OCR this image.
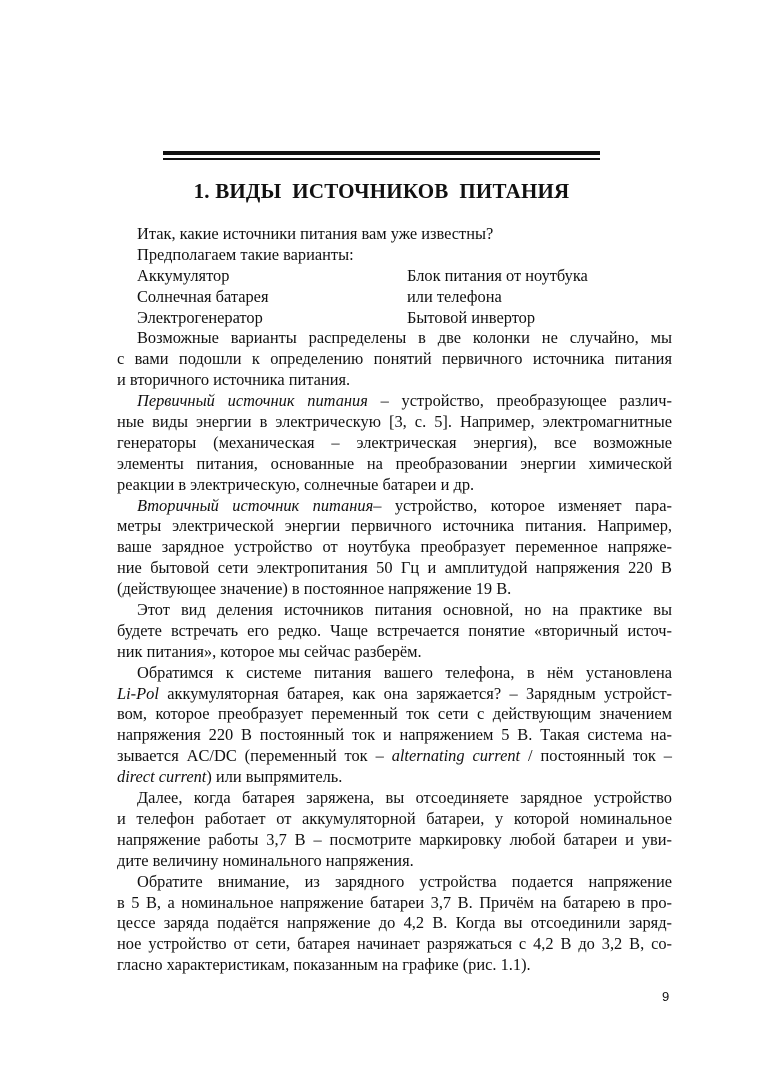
1. ВИДЫ  ИСТОЧНИКОВ  ПИТАНИЯ
Итак, какие источники питания вам уже известны?
Предполагаем такие варианты:
Аккумулятор	Блок питания от ноутбука
Солнечная батарея	или телефона
Электрогенератор	Бытовой инвертор
Возможные варианты распределены в две колонки не случайно, мы
с вами подошли к определению понятий первичного источника питания
и вторичного источника питания.
Первичный источник питания – устройство, преобразующее различ-
ные виды энергии в электрическую [3, с. 5]. Например, электромагнитные
генераторы (механическая – электрическая энергия), все возможные
элементы питания, основанные на преобразовании энергии химической
реакции в электрическую, солнечные батареи и др.
Вторичный источник питания– устройство, которое изменяет пара-
метры электрической энергии первичного источника питания. Например,
ваше зарядное устройство от ноутбука преобразует переменное напряже-
ние бытовой сети электропитания 50 Гц и амплитудой напряжения 220 В
(действующее значение) в постоянное напряжение 19 В.
Этот вид деления источников питания основной, но на практике вы
будете встречать его редко. Чаще встречается понятие «вторичный источ-
ник питания», которое мы сейчас разберём.
Обратимся к системе питания вашего телефона, в нём установлена
Li-Pol аккумуляторная батарея, как она заряжается? – Зарядным устройст-
вом, которое преобразует переменный ток сети с действующим значением
напряжения 220 В постоянный ток и напряжением 5 В. Такая система на-
зывается AC/DC (переменный ток – alternating current / постоянный ток –
direct current) или выпрямитель.
Далее, когда батарея заряжена, вы отсоединяете зарядное устройство
и телефон работает от аккумуляторной батареи, у которой номинальное
напряжение работы 3,7 В – посмотрите маркировку любой батареи и уви-
дите величину номинального напряжения.
Обратите внимание, из зарядного устройства подается напряжение
в 5 В, а номинальное напряжение батареи 3,7 В. Причём на батарею в про-
цессе заряда подаётся напряжение до 4,2 В. Когда вы отсоединили заряд-
ное устройство от сети, батарея начинает разряжаться с 4,2 В до 3,2 В, со-
гласно характеристикам, показанным на графике (рис. 1.1).
9
